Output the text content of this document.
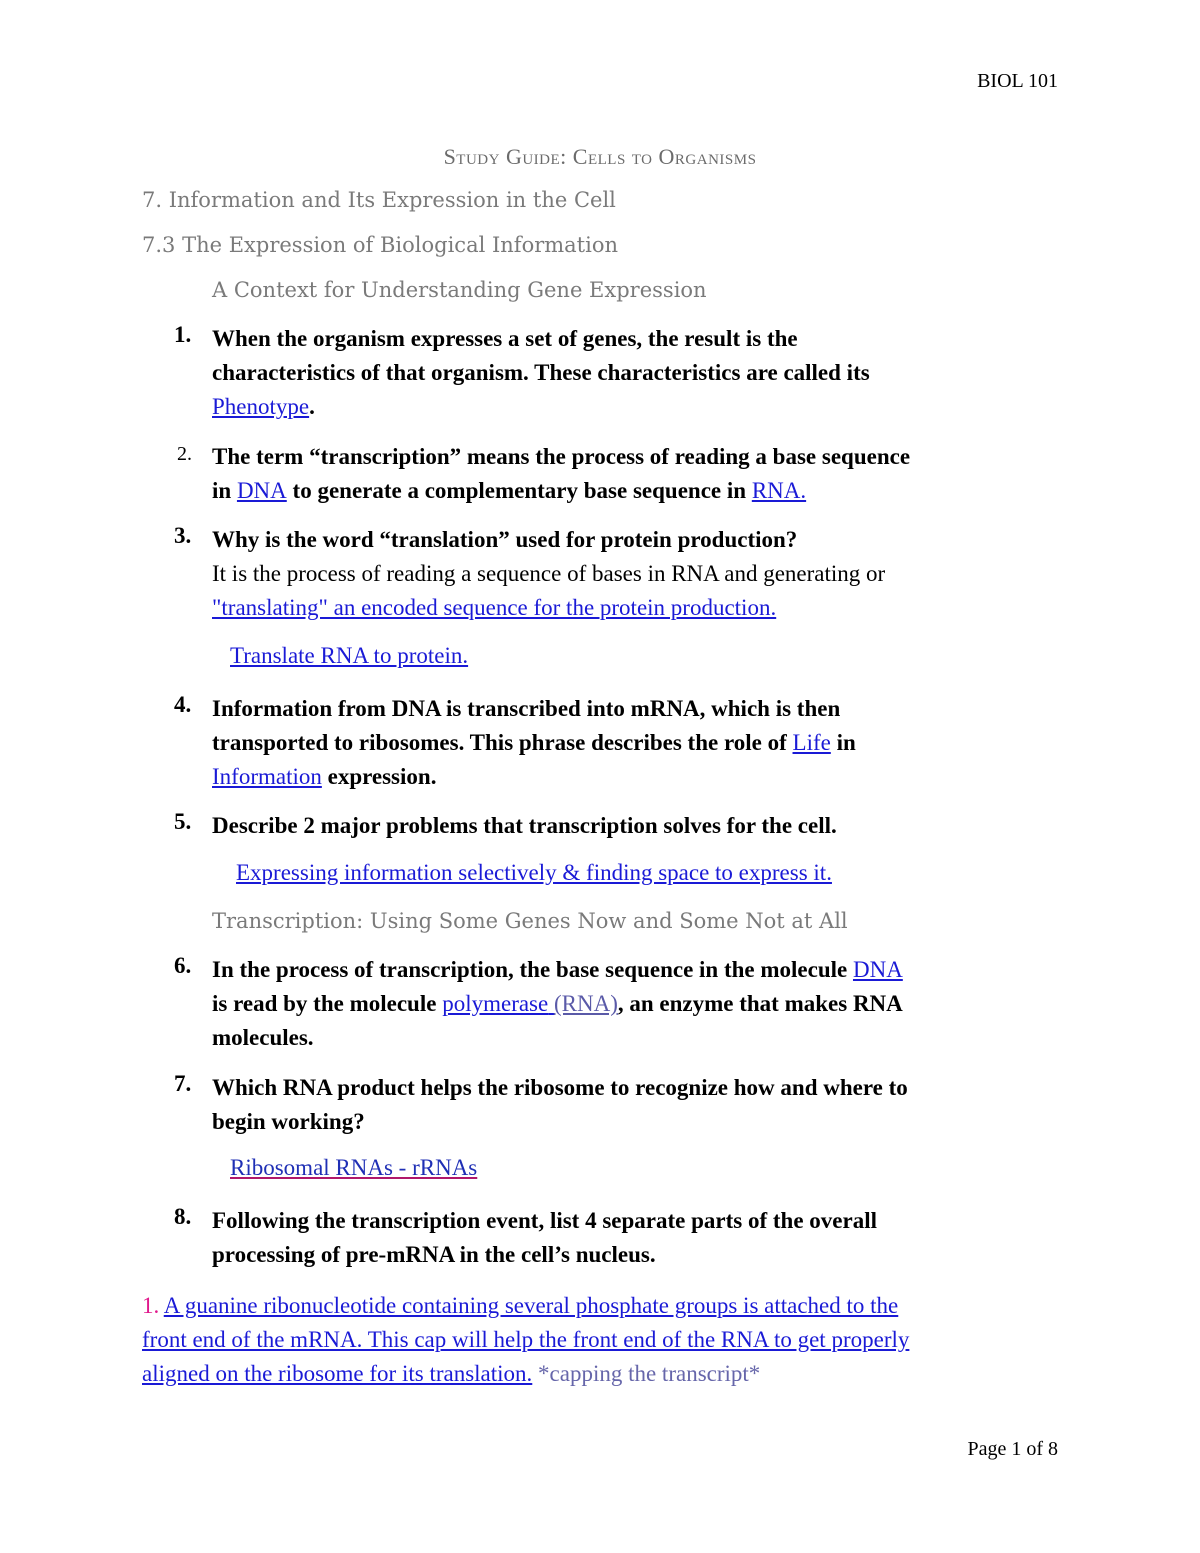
BIOL 101
Study Guide: Cells to Organisms
7. Information and Its Expression in the Cell
7.3 The Expression of Biological Information
A Context for Understanding Gene Expression
1. When the organism expresses a set of genes, the result is the
characteristics of that organism. These characteristics are called its
Phenotype.
2. The term “transcription” means the process of reading a base sequence
in DNA to generate a complementary base sequence in RNA.
3. Why is the word “translation” used for protein production?
It is the process of reading a sequence of bases in RNA and generating or
"translating" an encoded sequence for the protein production.
Translate RNA to protein.
4. Information from DNA is transcribed into mRNA, which is then
transported to ribosomes. This phrase describes the role of Life in
Information expression.
5. Describe 2 major problems that transcription solves for the cell.
Expressing information selectively & finding space to express it.
Transcription: Using Some Genes Now and Some Not at All
6. In the process of transcription, the base sequence in the molecule DNA
is read by the molecule polymerase (RNA), an enzyme that makes RNA
molecules.
7. Which RNA product helps the ribosome to recognize how and where to
begin working?
Ribosomal RNAs - rRNAs
8. Following the transcription event, list 4 separate parts of the overall
processing of pre-mRNA in the cell’s nucleus.
1. A guanine ribonucleotide containing several phosphate groups is attached to the
front end of the mRNA. This cap will help the front end of the RNA to get properly
aligned on the ribosome for its translation. *capping the transcript*
Page 1 of 8
